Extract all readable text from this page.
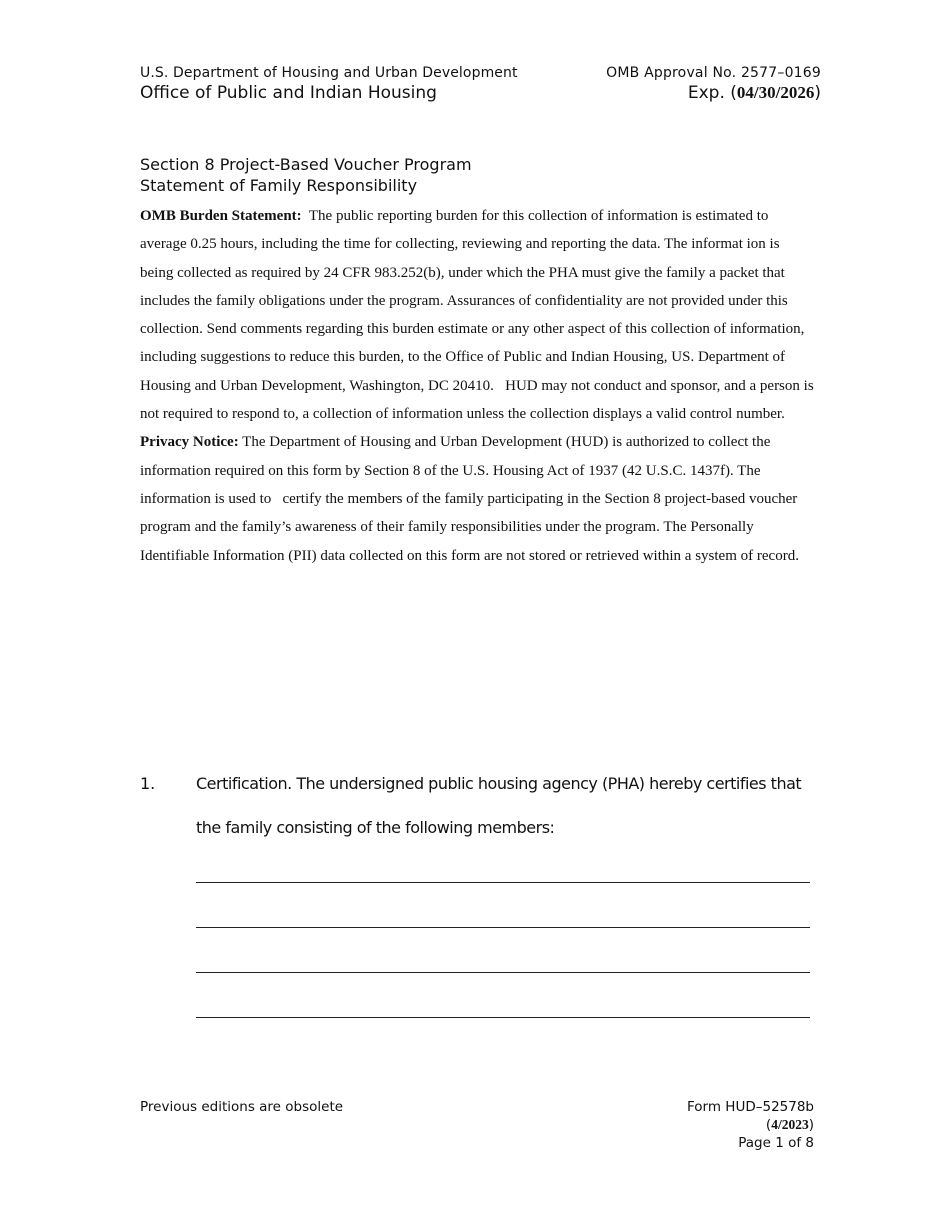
U.S. Department of Housing and Urban Development
Office of Public and Indian Housing
OMB Approval No. 2577–0169
Exp. (04/30/2026)
Section 8 Project-Based Voucher Program
Statement of Family Responsibility

OMB Burden Statement:  The public reporting burden for this collection of information is estimated to average 0.25 hours, including the time for collecting, reviewing and reporting the data. The informat ion is being collected as required by 24 CFR 983.252(b), under which the PHA must give the family a packet that includes the family obligations under the program. Assurances of confidentiality are not provided under this collection. Send comments regarding this burden estimate or any other aspect of this collection of information, including suggestions to reduce this burden, to the Office of Public and Indian Housing, US. Department of Housing and Urban Development, Washington, DC 20410.   HUD may not conduct and sponsor, and a person is not required to respond to, a collection of information unless the collection displays a valid control number.

Privacy Notice: The Department of Housing and Urban Development (HUD) is authorized to collect the information required on this form by Section 8 of the U.S. Housing Act of 1937 (42 U.S.C. 1437f). The information is used to   certify the members of the family participating in the Section 8 project-based voucher program and the family’s awareness of their family responsibilities under the program. The Personally Identifiable Information (PII) data collected on this form are not stored or retrieved within a system of record.

1.	Certification. The undersigned public housing agency (PHA) hereby certifies that the family consisting of the following members:
Previous editions are obsolete	Form HUD–52578b
(4/2023)
Page 1 of 8
